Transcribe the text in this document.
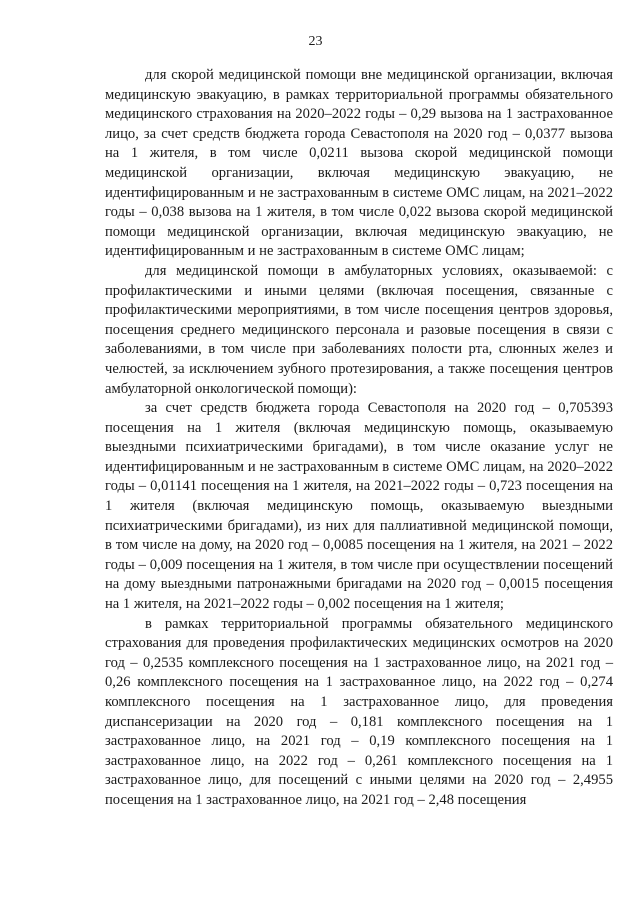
23

для скорой медицинской помощи вне медицинской организации, включая медицинскую эвакуацию, в рамках территориальной программы обязательного медицинского страхования на 2020–2022 годы – 0,29 вызова на 1 застрахованное лицо, за счет средств бюджета города Севастополя на 2020 год – 0,0377 вызова на 1 жителя, в том числе 0,0211 вызова скорой медицинской помощи медицинской организации, включая медицинскую эвакуацию, не идентифицированным и не застрахованным в системе ОМС лицам, на 2021–2022 годы – 0,038 вызова на 1 жителя, в том числе 0,022 вызова скорой медицинской помощи медицинской организации, включая медицинскую эвакуацию, не идентифицированным и не застрахованным в системе ОМС лицам;

для медицинской помощи в амбулаторных условиях, оказываемой: с профилактическими и иными целями (включая посещения, связанные с профилактическими мероприятиями, в том числе посещения центров здоровья, посещения среднего медицинского персонала и разовые посещения в связи с заболеваниями, в том числе при заболеваниях полости рта, слюнных желез и челюстей, за исключением зубного протезирования, а также посещения центров амбулаторной онкологической помощи):

за счет средств бюджета города Севастополя на 2020 год – 0,705393 посещения на 1 жителя (включая медицинскую помощь, оказываемую выездными психиатрическими бригадами), в том числе оказание услуг не идентифицированным и не застрахованным в системе ОМС лицам, на 2020–2022 годы – 0,01141 посещения на 1 жителя, на 2021–2022 годы – 0,723 посещения на 1 жителя (включая медицинскую помощь, оказываемую выездными психиатрическими бригадами), из них для паллиативной медицинской помощи, в том числе на дому, на 2020 год – 0,0085 посещения на 1 жителя, на 2021 – 2022 годы – 0,009 посещения на 1 жителя, в том числе при осуществлении посещений на дому выездными патронажными бригадами на 2020 год – 0,0015 посещения на 1 жителя, на 2021–2022 годы – 0,002 посещения на 1 жителя;

в рамках территориальной программы обязательного медицинского страхования для проведения профилактических медицинских осмотров на 2020 год – 0,2535 комплексного посещения на 1 застрахованное лицо, на 2021 год – 0,26 комплексного посещения на 1 застрахованное лицо, на 2022 год – 0,274 комплексного посещения на 1 застрахованное лицо, для проведения диспансеризации на 2020 год – 0,181 комплексного посещения на 1 застрахованное лицо, на 2021 год – 0,19 комплексного посещения на 1 застрахованное лицо, на 2022 год – 0,261 комплексного посещения на 1 застрахованное лицо, для посещений с иными целями на 2020 год – 2,4955 посещения на 1 застрахованное лицо, на 2021 год – 2,48 посещения
